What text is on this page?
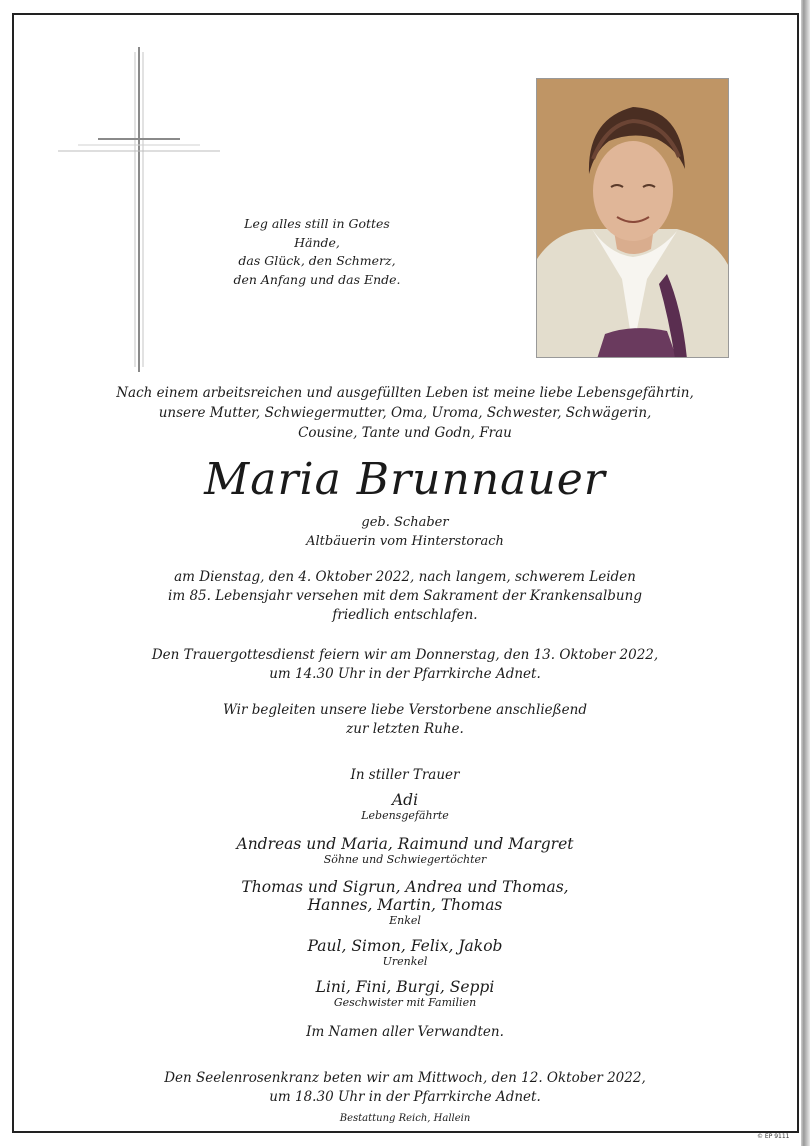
Leg alles still in Gottes Hände,
das Glück, den Schmerz,
den Anfang und das Ende.
Nach einem arbeitsreichen und ausgefüllten Leben ist meine liebe Lebensgefährtin,
unsere Mutter, Schwiegermutter, Oma, Uroma, Schwester, Schwägerin,
Cousine, Tante und Godn, Frau
Maria Brunnauer
geb. Schaber
Altbäuerin vom Hinterstorach
am Dienstag, den 4. Oktober 2022, nach langem, schwerem Leiden
im 85. Lebensjahr versehen mit dem Sakrament der Krankensalbung
friedlich entschlafen.
Den Trauergottesdienst feiern wir am Donnerstag, den 13. Oktober 2022,
um 14.30 Uhr in der Pfarrkirche Adnet.
Wir begleiten unsere liebe Verstorbene anschließend
zur letzten Ruhe.
In stiller Trauer
Adi
Lebensgefährte
Andreas und Maria, Raimund und Margret
Söhne und Schwiegertöchter
Thomas und Sigrun, Andrea und Thomas,
Hannes, Martin, Thomas
Enkel
Paul, Simon, Felix, Jakob
Urenkel
Lini, Fini, Burgi, Seppi
Geschwister mit Familien
Im Namen aller Verwandten.
Den Seelenrosenkranz beten wir am Mittwoch, den 12. Oktober 2022,
um 18.30 Uhr in der Pfarrkirche Adnet.
Bestattung Reich, Hallein
© EP 9111
